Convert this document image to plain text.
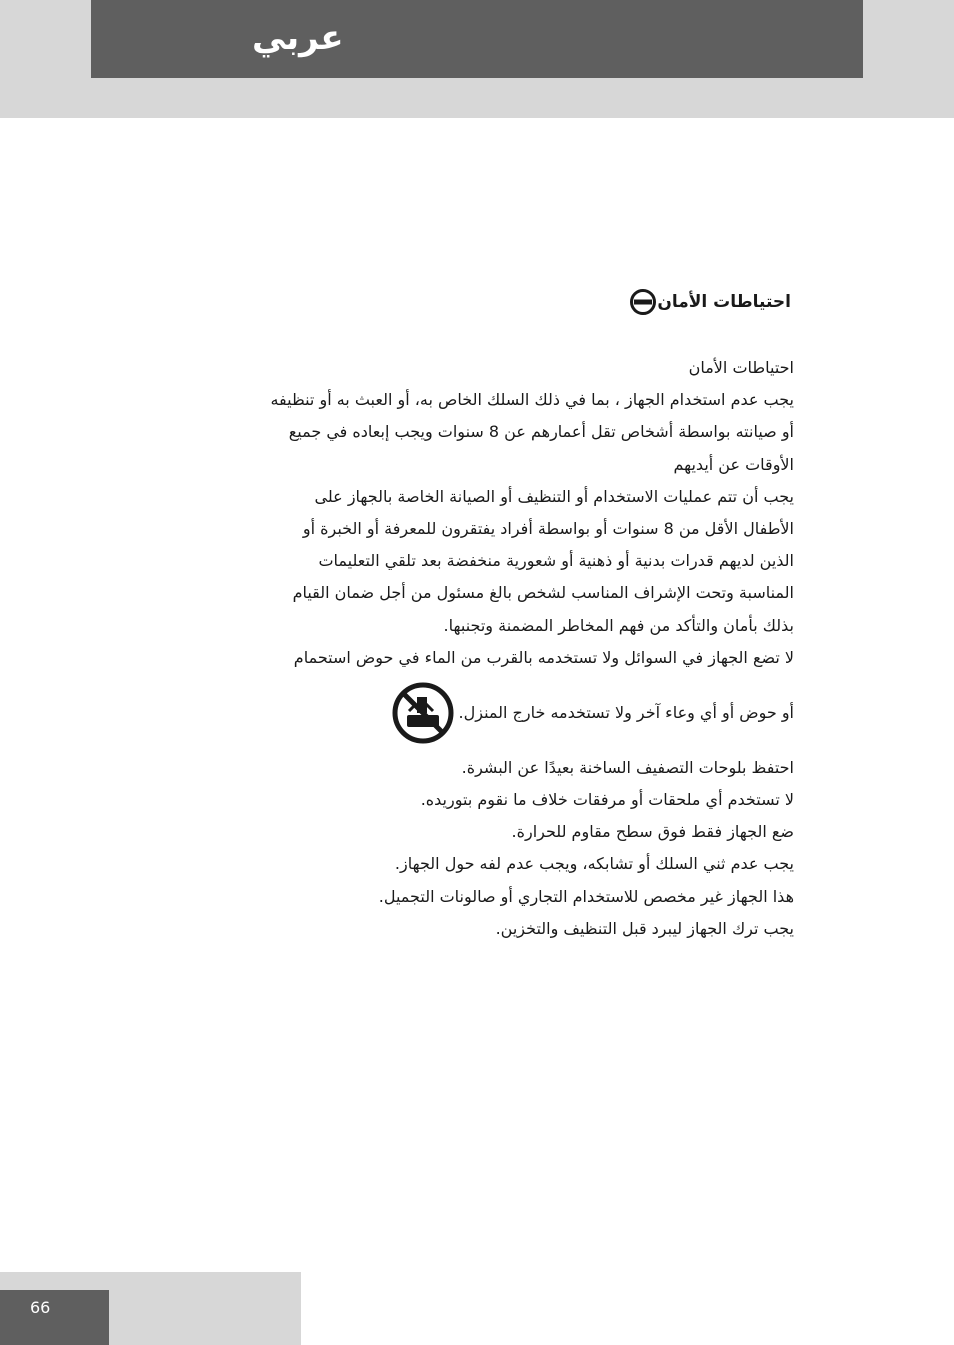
عربي
احتياطات الأمان
احتياطات الأمان
يجب عدم استخدام الجهاز ، بما في ذلك السلك الخاص به، أو العبث به أو تنظيفه
أو صيانته بواسطة أشخاص تقل أعمارهم عن 8 سنوات ويجب إبعاده في جميع
الأوقات عن أيديهم
يجب أن تتم عمليات الاستخدام أو التنظيف أو الصيانة الخاصة بالجهاز على
الأطفال الأقل من 8 سنوات أو بواسطة أفراد يفتقرون للمعرفة أو الخبرة أو
الذين لديهم قدرات بدنية أو ذهنية أو شعورية منخفضة بعد تلقي التعليمات
المناسبة وتحت الإشراف المناسب لشخص بالغ مسئول من أجل ضمان القيام
بذلك بأمان والتأكد من فهم المخاطر المضمنة وتجنبها.
لا تضع الجهاز في السوائل ولا تستخدمه بالقرب من الماء في حوض استحمام
أو حوض أو أي وعاء آخر ولا تستخدمه خارج المنزل.
احتفظ بلوحات التصفيف الساخنة بعيدًا عن البشرة.
لا تستخدم أي ملحقات أو مرفقات خلاف ما نقوم بتوريده.
ضع الجهاز فقط فوق سطح مقاوم للحرارة.
يجب عدم ثني السلك أو تشابكه، ويجب عدم لفه حول الجهاز.
هذا الجهاز غير مخصص للاستخدام التجاري أو صالونات التجميل.
يجب ترك الجهاز ليبرد قبل التنظيف والتخزين.
66
